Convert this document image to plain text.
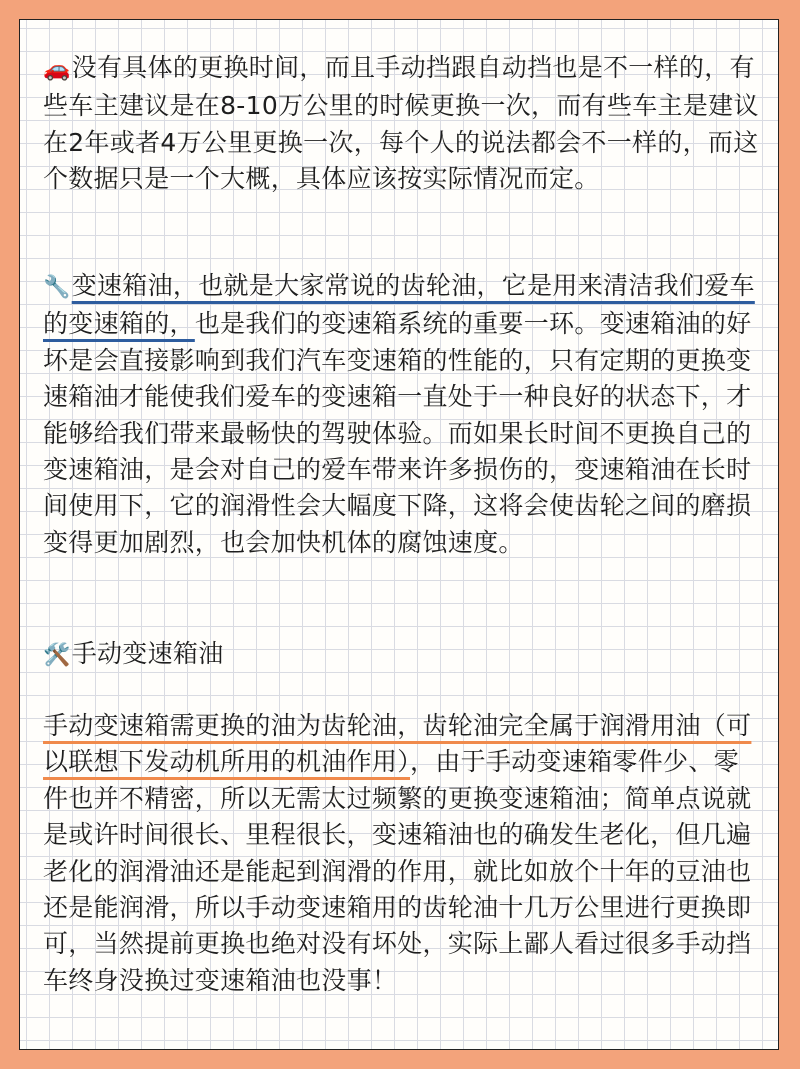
🚗没有具体的更换时间，而且手动挡跟自动挡也是不一样的，有些车主建议是在8-10万公里的时候更换一次，而有些车主是建议在2年或者4万公里更换一次，每个人的说法都会不一样的，而这个数据只是一个大概，具体应该按实际情况而定。

🔧变速箱油，也就是大家常说的齿轮油，它是用来清洁我们爱车的变速箱的，也是我们的变速箱系统的重要一环。变速箱油的好坏是会直接影响到我们汽车变速箱的性能的，只有定期的更换变速箱油才能使我们爱车的变速箱一直处于一种良好的状态下，才能够给我们带来最畅快的驾驶体验。而如果长时间不更换自己的变速箱油，是会对自己的爱车带来许多损伤的，变速箱油在长时间使用下，它的润滑性会大幅度下降，这将会使齿轮之间的磨损变得更加剧烈，也会加快机体的腐蚀速度。

🛠️手动变速箱油

手动变速箱需更换的油为齿轮油，齿轮油完全属于润滑用油（可以联想下发动机所用的机油作用），由于手动变速箱零件少、零件也并不精密，所以无需太过频繁的更换变速箱油；简单点说就是或许时间很长、里程很长，变速箱油也的确发生老化，但几遍老化的润滑油还是能起到润滑的作用，就比如放个十年的豆油也还是能润滑，所以手动变速箱用的齿轮油十几万公里进行更换即可，当然提前更换也绝对没有坏处，实际上鄙人看过很多手动挡车终身没换过变速箱油也没事！
